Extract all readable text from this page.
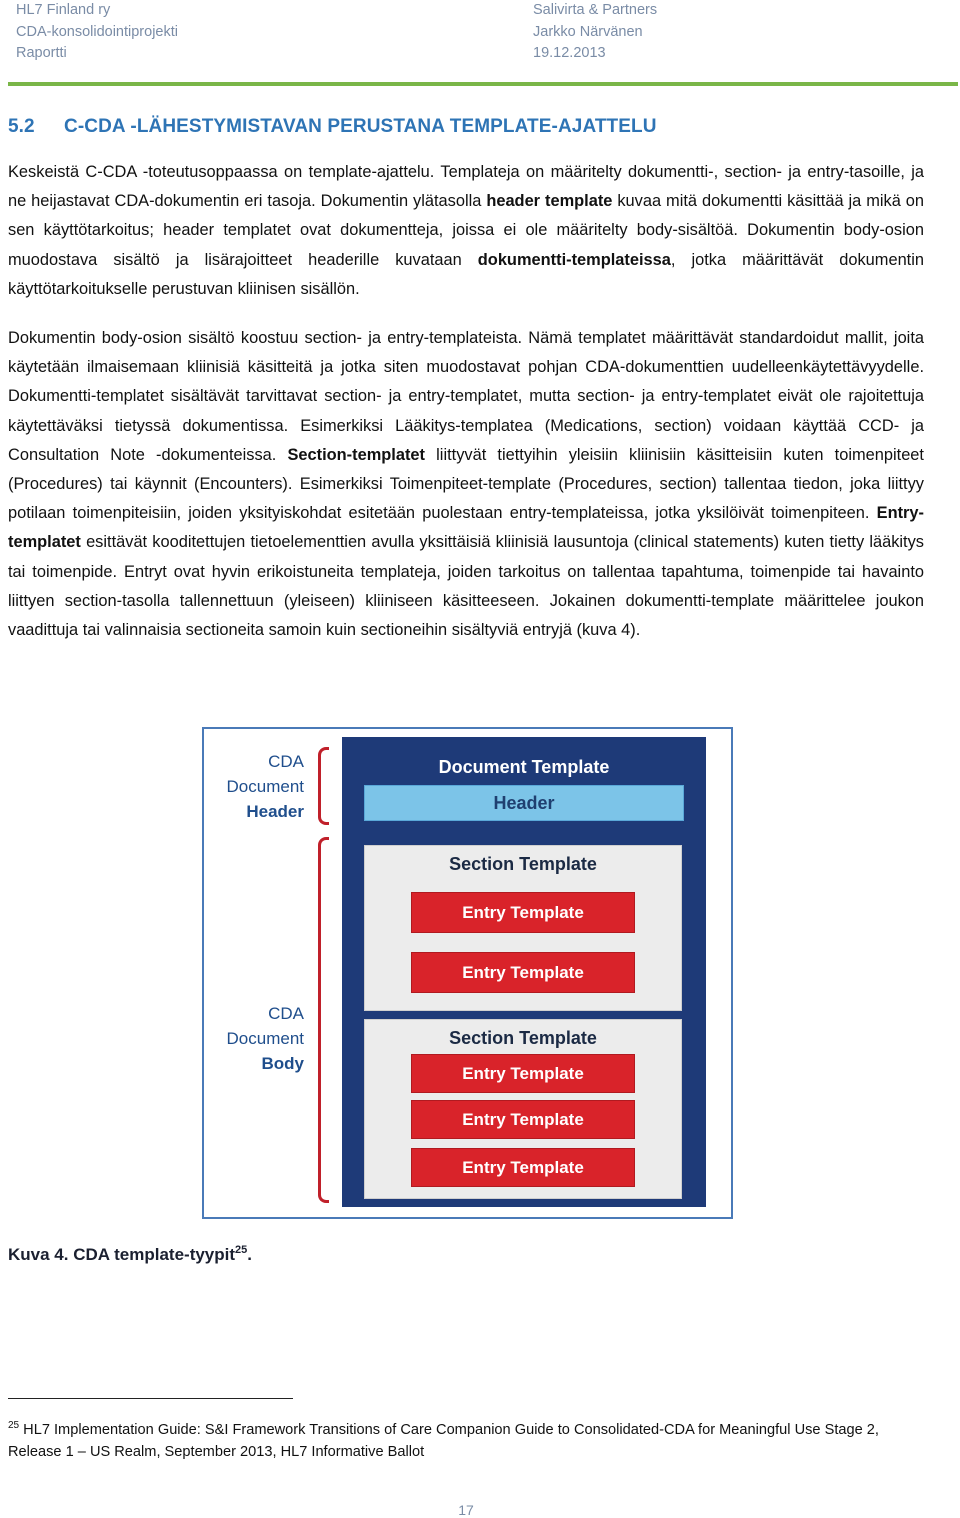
HL7 Finland ry
CDA-konsolidointiprojekti
Raportti
Salivirta & Partners
Jarkko Närvänen
19.12.2013
5.2 C-CDA -LÄHESTYMISTAVAN PERUSTANA TEMPLATE-AJATTELU
Keskeistä C-CDA -toteutusoppaassa on template-ajattelu. Templateja on määritelty dokumentti-, section- ja entry-tasoille, ja ne heijastavat CDA-dokumentin eri tasoja. Dokumentin ylätasolla header template kuvaa mitä dokumentti käsittää ja mikä on sen käyttötarkoitus; header templatet ovat dokumentteja, joissa ei ole määritelty body-sisältöä. Dokumentin body-osion muodostava sisältö ja lisärajoitteet headerille kuvataan dokumentti-templateissa, jotka määrittävät dokumentin käyttötarkoitukselle perustuvan kliinisen sisällön.
Dokumentin body-osion sisältö koostuu section- ja entry-templateista. Nämä templatet määrittävät standardoidut mallit, joita käytetään ilmaisemaan kliinisiä käsitteitä ja jotka siten muodostavat pohjan CDA-dokumenttien uudelleenkäytettävyydelle. Dokumentti-templatet sisältävät tarvittavat section- ja entry-templatet, mutta section- ja entry-templatet eivät ole rajoitettuja käytettäväksi tietyssä dokumentissa. Esimerkiksi Lääkitys-templatea (Medications, section) voidaan käyttää CCD- ja Consultation Note -dokumenteissa. Section-templatet liittyvät tiettyihin yleisiin kliinisiin käsitteisiin kuten toimenpiteet (Procedures) tai käynnit (Encounters). Esimerkiksi Toimenpiteet-template (Procedures, section) tallentaa tiedon, joka liittyy potilaan toimenpiteisiin, joiden yksityiskohdat esitetään puolestaan entry-templateissa, jotka yksilöivät toimenpiteen. Entry-templatet esittävät kooditettujen tietoelementtien avulla yksittäisiä kliinisiä lausuntoja (clinical statements) kuten tietty lääkitys tai toimenpide. Entryt ovat hyvin erikoistuneita templateja, joiden tarkoitus on tallentaa tapahtuma, toimenpide tai havainto liittyen section-tasolla tallennettuun (yleiseen) kliiniseen käsitteeseen. Jokainen dokumentti-template määrittelee joukon vaadittuja tai valinnaisia sectioneita samoin kuin sectioneihin sisältyviä entryjä (kuva 4).
CDA
Document
Header
CDA
Document
Body
Document Template
Header
Section Template
Entry Template
Entry Template
Section Template
Entry Template
Entry Template
Entry Template
Kuva 4. CDA template-tyypit$^{25}$.
$^{25}$ HL7 Implementation Guide: S&I Framework Transitions of Care Companion Guide to Consolidated-CDA for Meaningful Use Stage 2, Release 1 – US Realm, September 2013, HL7 Informative Ballot
17
